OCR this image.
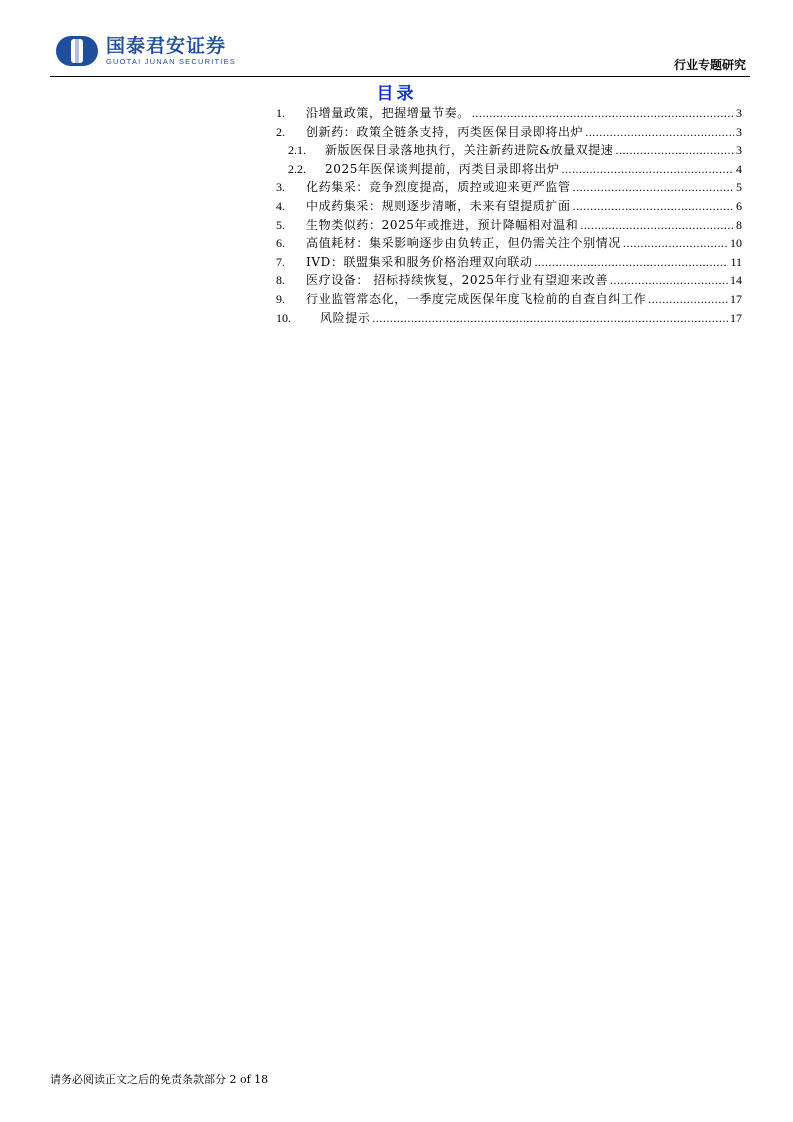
国泰君安证券
GUOTAI JUNAN SECURITIES	行业专题研究
目录
1.	沿增量政策，把握增量节奏。 .....	3
2.	创新药：政策全链条支持，丙类医保目录即将出炉 .....	3
2.1.	新版医保目录落地执行，关注新药进院&放量双提速 .....	3
2.2.	2025年医保谈判提前，丙类目录即将出炉 .....	4
3.	化药集采：竞争烈度提高，质控或迎来更严监管 .....	5
4.	中成药集采：规则逐步清晰，未来有望提质扩面 .....	6
5.	生物类似药：2025年或推进，预计降幅相对温和 .....	8
6.	高值耗材：集采影响逐步由负转正，但仍需关注个别情况 .....	10
7.	IVD：联盟集采和服务价格治理双向联动 .....	11
8.	医疗设备： 招标持续恢复，2025年行业有望迎来改善 .....	14
9.	行业监管常态化，一季度完成医保年度飞检前的自查自纠工作 .....	17
10.	风险提示 .....	17
请务必阅读正文之后的免责条款部分 2 of 18
